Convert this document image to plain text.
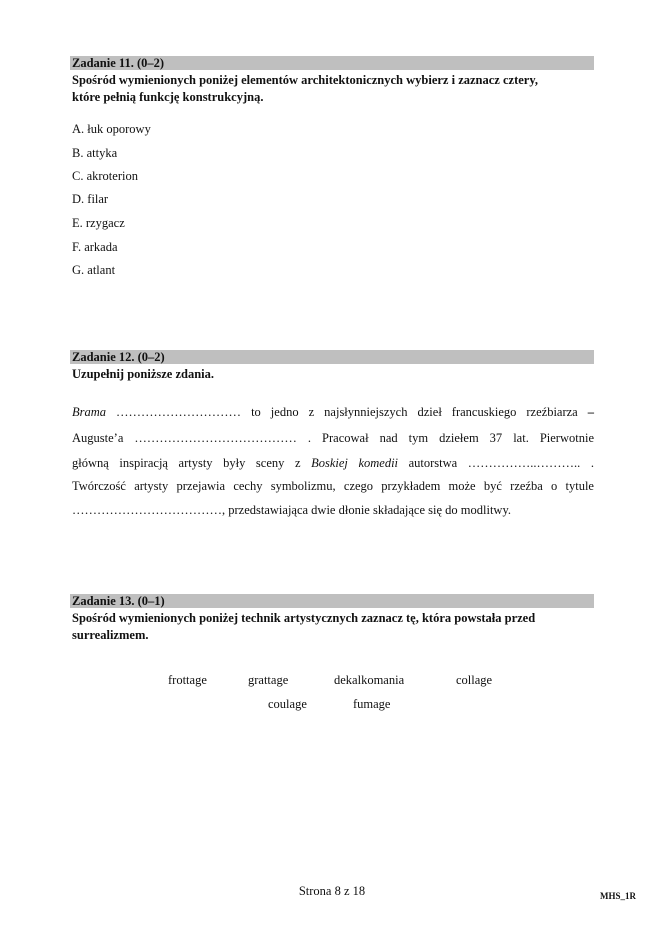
Zadanie 11. (0–2)
Spośród wymienionych poniżej elementów architektonicznych wybierz i zaznacz cztery,
które pełnią funkcję konstrukcyjną.
A. łuk oporowy
B. attyka
C. akroterion
D. filar
E. rzygacz
F. arkada
G. atlant
Zadanie 12. (0–2)
Uzupełnij poniższe zdania.
Brama ………………………… to jedno z najsłynniejszych dzieł francuskiego rzeźbiarza –
Auguste’a ………………………………… . Pracował nad tym dziełem 37 lat. Pierwotnie
główną inspiracją artysty były sceny z Boskiej komedii autorstwa ……………..……….. .
Twórczość artysty przejawia cechy symbolizmu, czego przykładem może być rzeźba o tytule
………………………………, przedstawiająca dwie dłonie składające się do modlitwy.
Zadanie 13. (0–1)
Spośród wymienionych poniżej technik artystycznych zaznacz tę, która powstała przed
surrealizmem.
frottage	grattage	dekalkomania	collage
coulage	fumage
Strona 8 z 18	MHS_1R
